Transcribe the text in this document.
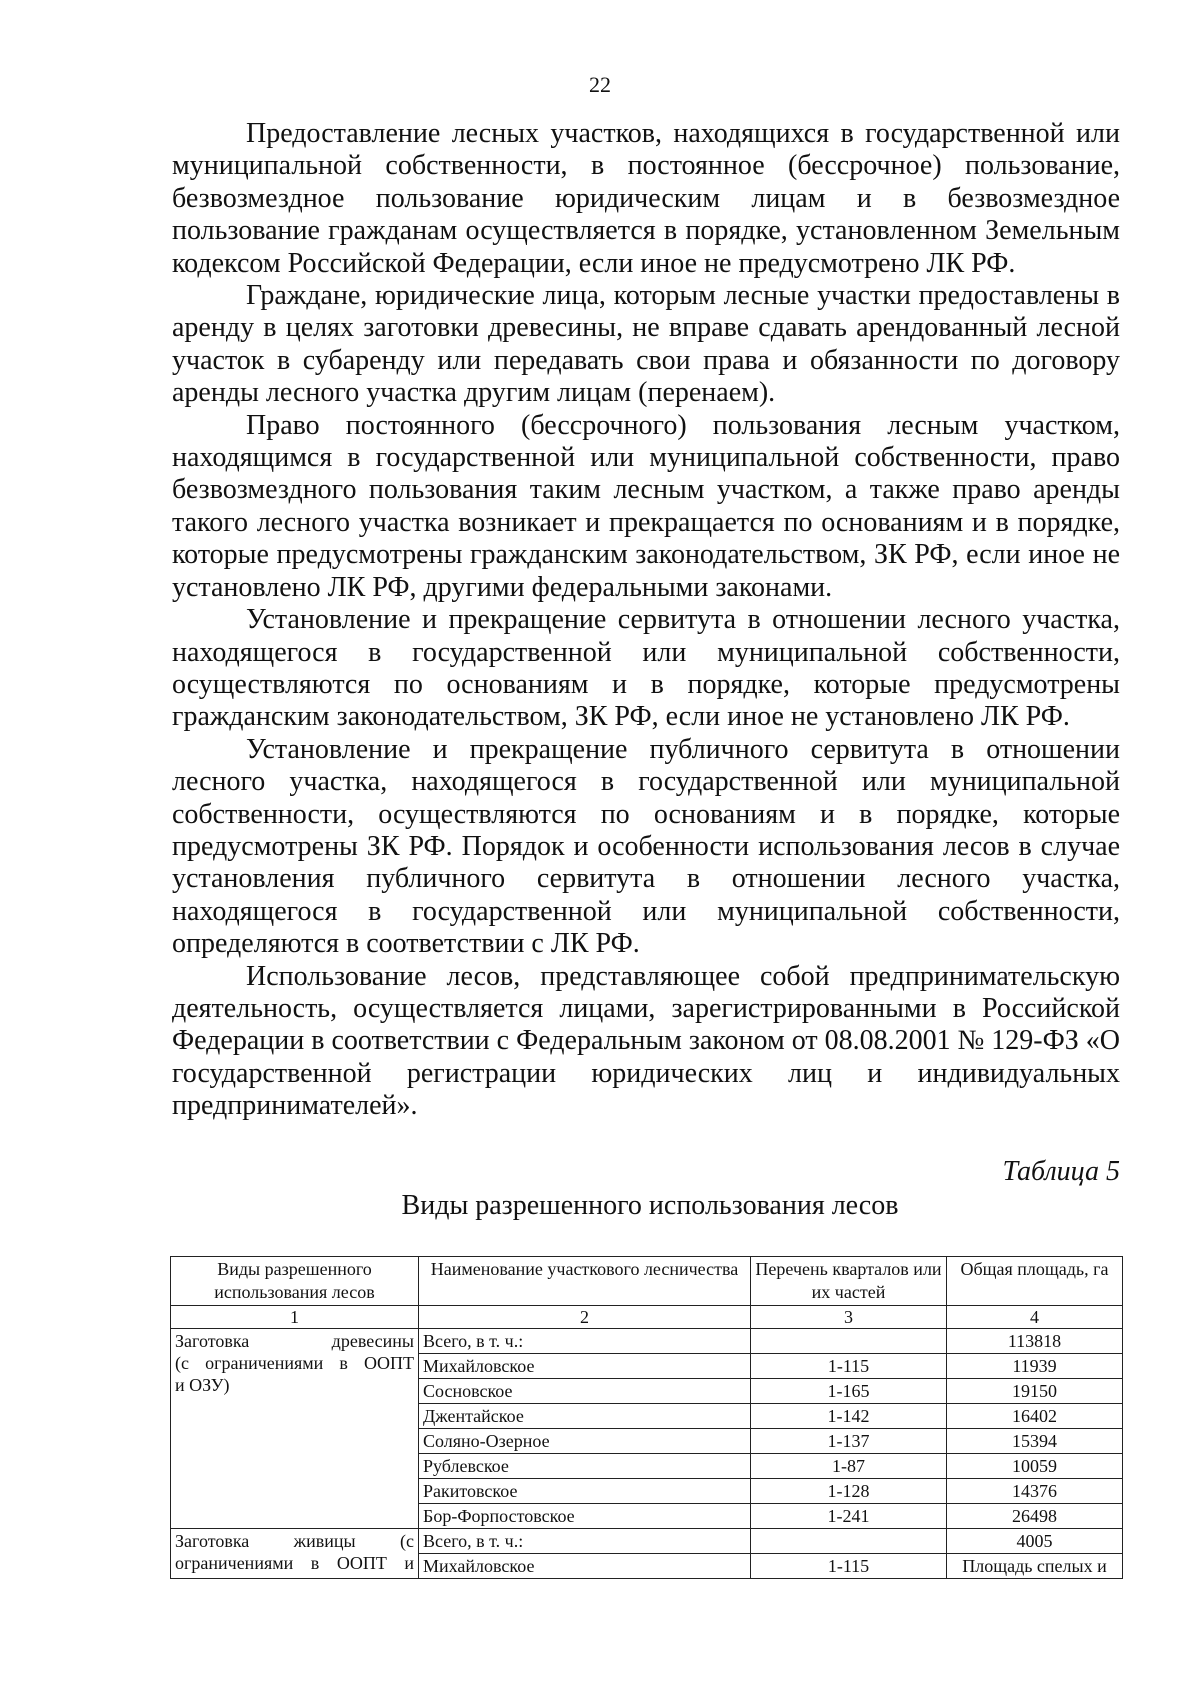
22

Предоставление лесных участков, находящихся в государственной или муниципальной собственности, в постоянное (бессрочное) пользование, безвозмездное пользование юридическим лицам и в безвозмездное пользование гражданам осуществляется в порядке, установленном Земельным кодексом Российской Федерации, если иное не предусмотрено ЛК РФ.

Граждане, юридические лица, которым лесные участки предоставлены в аренду в целях заготовки древесины, не вправе сдавать арендованный лесной участок в субаренду или передавать свои права и обязанности по договору аренды лесного участка другим лицам (перенаем).

Право постоянного (бессрочного) пользования лесным участком, находящимся в государственной или муниципальной собственности, право безвозмездного пользования таким лесным участком, а также право аренды такого лесного участка возникает и прекращается по основаниям и в порядке, которые предусмотрены гражданским законодательством, ЗК РФ, если иное не установлено ЛК РФ, другими федеральными законами.

Установление и прекращение сервитута в отношении лесного участка, находящегося в государственной или муниципальной собственности, осуществляются по основаниям и в порядке, которые предусмотрены гражданским законодательством, ЗК РФ, если иное не установлено ЛК РФ.

Установление и прекращение публичного сервитута в отношении лесного участка, находящегося в государственной или муниципальной собственности, осуществляются по основаниям и в порядке, которые предусмотрены ЗК РФ. Порядок и особенности использования лесов в случае установления публичного сервитута в отношении лесного участка, находящегося в государственной или муниципальной собственности, определяются в соответствии с ЛК РФ.

Использование лесов, представляющее собой предпринимательскую деятельность, осуществляется лицами, зарегистрированными в Российской Федерации в соответствии с Федеральным законом от 08.08.2001 № 129-ФЗ «О государственной регистрации юридических лиц и индивидуальных предпринимателей».

Таблица 5
Виды разрешенного использования лесов
Виды разрешенного использования лесов	Наименование участкового лесничества	Перечень кварталов или их частей	Общая площадь, га
1	2	3	4

Заготовка древесины
(с ограничениями в ООПТ
и ОЗУ)	Всего, в т. ч.:		113818
	Михайловское	1-115	11939
	Сосновское	1-165	19150
	Джентайское	1-142	16402
	Соляно-Озерное	1-137	15394
	Рублевское	1-87	10059
	Ракитовское	1-128	14376
	Бор-Форпостовское	1-241	26498

Заготовка живицы (с
ограничениями в ООПТ и	Всего, в т. ч.:		4005
	Михайловское	1-115	Площадь спелых и
